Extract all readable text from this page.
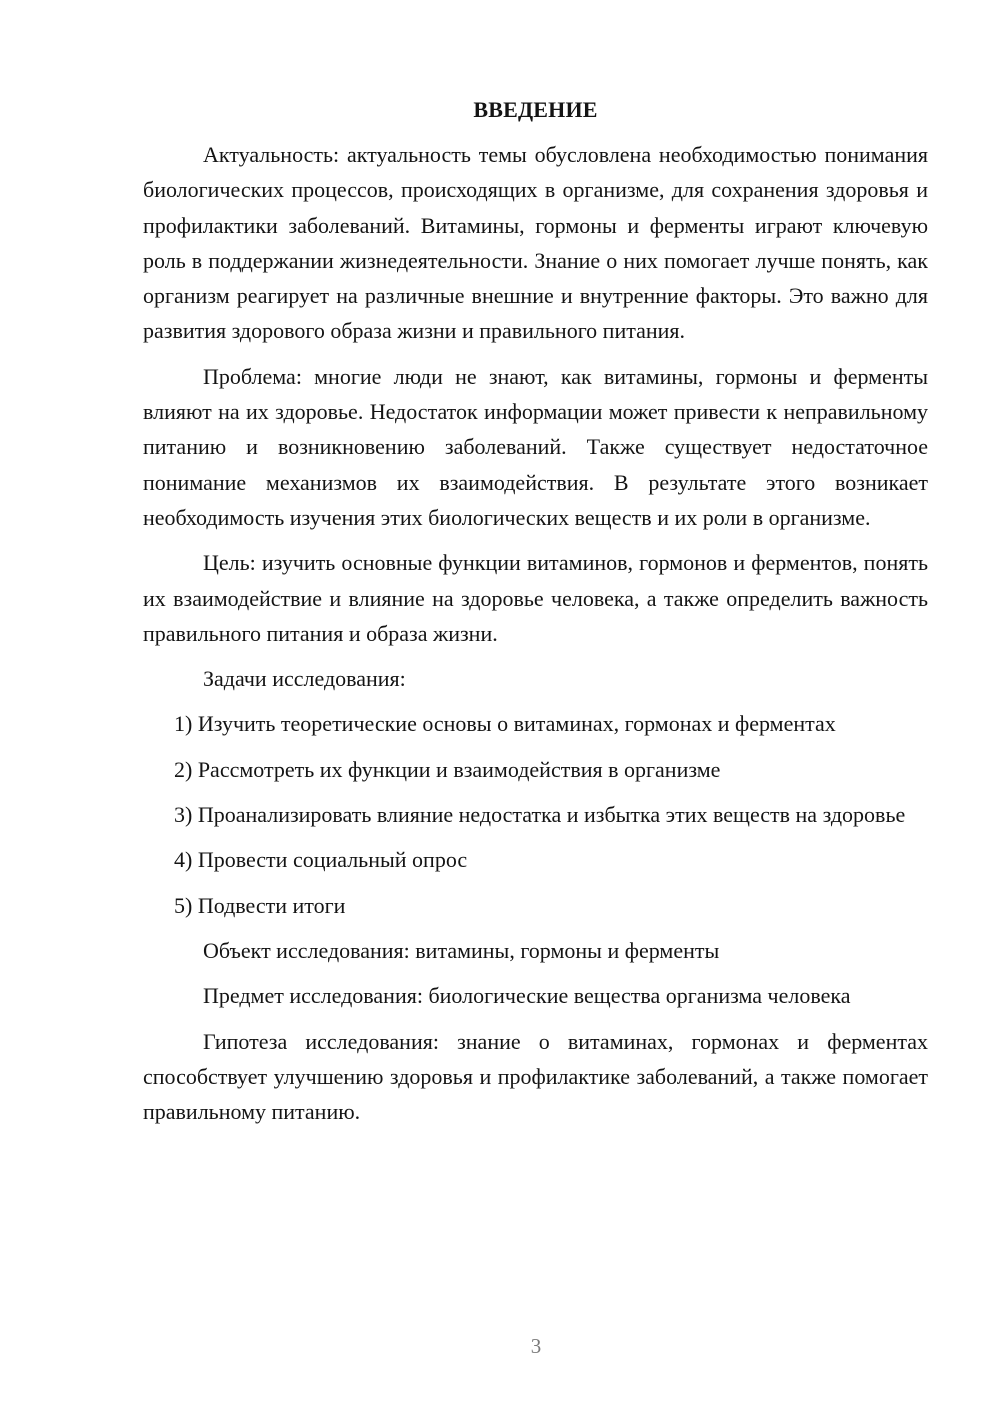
ВВЕДЕНИЕ

Актуальность: актуальность темы обусловлена необходимостью понимания биологических процессов, происходящих в организме, для сохранения здоровья и профилактики заболеваний. Витамины, гормоны и ферменты играют ключевую роль в поддержании жизнедеятельности. Знание о них помогает лучше понять, как организм реагирует на различные внешние и внутренние факторы. Это важно для развития здорового образа жизни и правильного питания.

Проблема: многие люди не знают, как витамины, гормоны и ферменты влияют на их здоровье. Недостаток информации может привести к неправильному питанию и возникновению заболеваний. Также существует недостаточное понимание механизмов их взаимодействия. В результате этого возникает необходимость изучения этих биологических веществ и их роли в организме.

Цель: изучить основные функции витаминов, гормонов и ферментов, понять их взаимодействие и влияние на здоровье человека, а также определить важность правильного питания и образа жизни.

Задачи исследования:

1) Изучить теоретические основы о витаминах, гормонах и ферментах

2) Рассмотреть их функции и взаимодействия в организме

3) Проанализировать влияние недостатка и избытка этих веществ на здоровье

4) Провести социальный опрос

5) Подвести итоги

Объект исследования: витамины, гормоны и ферменты

Предмет исследования: биологические вещества организма человека

Гипотеза исследования: знание о витаминах, гормонах и ферментах способствует улучшению здоровья и профилактике заболеваний, а также помогает правильному питанию.

3
